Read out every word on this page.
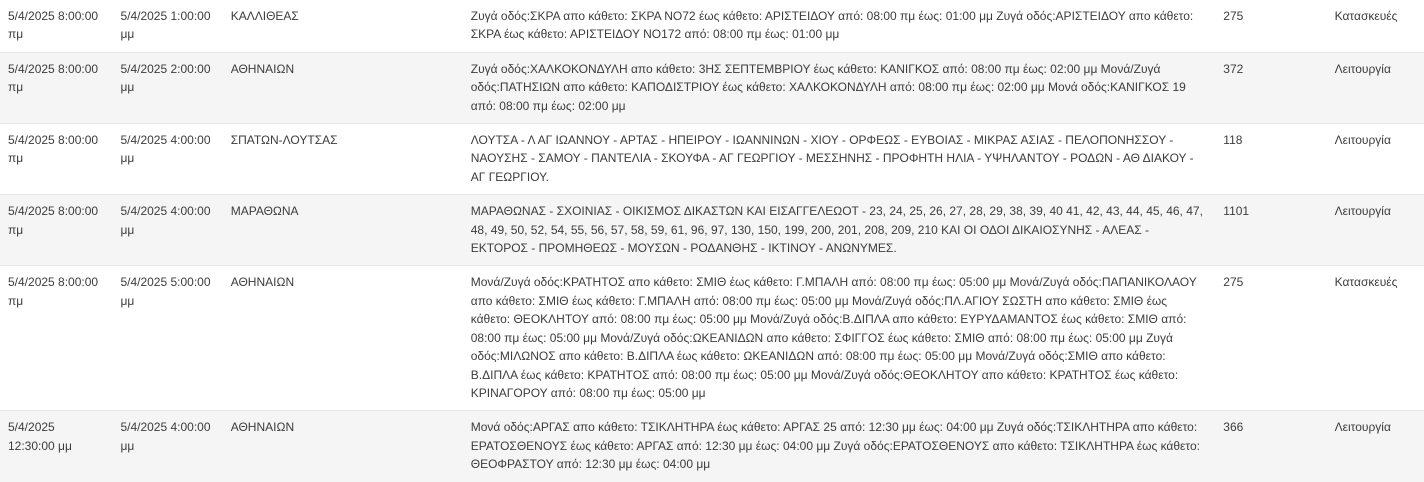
5/4/2025 8:00:00 πμ	5/4/2025 1:00:00 μμ	ΚΑΛΛΙΘΕΑΣ	Ζυγά οδός:ΣΚΡΑ απο κάθετο: ΣΚΡΑ ΝΟ72 έως κάθετο: ΑΡΙΣΤΕΙΔΟΥ από: 08:00 πμ έως: 01:00 μμ Ζυγά οδός:ΑΡΙΣΤΕΙΔΟΥ απο κάθετο: ΣΚΡΑ έως κάθετο: ΑΡΙΣΤΕΙΔΟΥ ΝΟ172 από: 08:00 πμ έως: 01:00 μμ	275	Κατασκευές
5/4/2025 8:00:00 πμ	5/4/2025 2:00:00 μμ	ΑΘΗΝΑΙΩΝ	Ζυγά οδός:ΧΑΛΚΟΚΟΝΔΥΛΗ απο κάθετο: 3ΗΣ ΣΕΠΤΕΜΒΡΙΟΥ έως κάθετο: ΚΑΝΙΓΚΟΣ από: 08:00 πμ έως: 02:00 μμ Μονά/Ζυγά οδός:ΠΑΤΗΣΙΩΝ απο κάθετο: ΚΑΠΟΔΙΣΤΡΙΟΥ έως κάθετο: ΧΑΛΚΟΚΟΝΔΥΛΗ από: 08:00 πμ έως: 02:00 μμ Μονά οδός:ΚΑΝΙΓΚΟΣ 19 από: 08:00 πμ έως: 02:00 μμ	372	Λειτουργία
5/4/2025 8:00:00 πμ	5/4/2025 4:00:00 μμ	ΣΠΑΤΩΝ-ΛΟΥΤΣΑΣ	ΛΟΥΤΣΑ - Λ ΑΓ ΙΩΑΝΝΟΥ - ΑΡΤΑΣ - ΗΠΕΙΡΟΥ - ΙΩΑΝΝΙΝΩΝ - ΧΙΟΥ - ΟΡΦΕΩΣ - ΕΥΒΟΙΑΣ - ΜΙΚΡΑΣ ΑΣΙΑΣ - ΠΕΛΟΠΟΝΗΣΣΟΥ - ΝΑΟΥΣΗΣ - ΣΑΜΟΥ - ΠΑΝΤΕΛΙΑ - ΣΚΟΥΦΑ - ΑΓ ΓΕΩΡΓΙΟΥ - ΜΕΣΣΗΝΗΣ - ΠΡΟΦΗΤΗ ΗΛΙΑ - ΥΨΗΛΑΝΤΟΥ - ΡΟΔΩΝ - ΑΘ ΔΙΑΚΟΥ - ΑΓ ΓΕΩΡΓΙΟΥ.	118	Λειτουργία
5/4/2025 8:00:00 πμ	5/4/2025 4:00:00 μμ	ΜΑΡΑΘΩΝΑ	ΜΑΡΑΘΩΝΑΣ - ΣΧΟΙΝΙΑΣ - ΟΙΚΙΣΜΟΣ ΔΙΚΑΣΤΩΝ ΚΑΙ ΕΙΣΑΓΓΕΛΕΩΟΤ - 23, 24, 25, 26, 27, 28, 29, 38, 39, 40 41, 42, 43, 44, 45, 46, 47, 48, 49, 50, 52, 54, 55, 56, 57, 58, 59, 61, 96, 97, 130, 150, 199, 200, 201, 208, 209, 210 ΚΑΙ ΟΙ ΟΔΟΙ ΔΙΚΑΙΟΣΥΝΗΣ - ΑΛΕΑΣ - ΕΚΤΟΡΟΣ - ΠΡΟΜΗΘΕΩΣ - ΜΟΥΣΩΝ - ΡΟΔΑΝΘΗΣ - ΙΚΤΙΝΟΥ - ΑΝΩΝΥΜΕΣ.	1101	Λειτουργία
5/4/2025 8:00:00 πμ	5/4/2025 5:00:00 μμ	ΑΘΗΝΑΙΩΝ	Μονά/Ζυγά οδός:ΚΡΑΤΗΤΟΣ απο κάθετο: ΣΜΙΘ έως κάθετο: Γ.ΜΠΑΛΗ από: 08:00 πμ έως: 05:00 μμ Μονά/Ζυγά οδός:ΠΑΠΑΝΙΚΟΛΑΟΥ απο κάθετο: ΣΜΙΘ έως κάθετο: Γ.ΜΠΑΛΗ από: 08:00 πμ έως: 05:00 μμ Μονά/Ζυγά οδός:ΠΛ.ΑΓΙΟΥ ΣΩΣΤΗ απο κάθετο: ΣΜΙΘ έως κάθετο: ΘΕΟΚΛΗΤΟΥ από: 08:00 πμ έως: 05:00 μμ Μονά/Ζυγά οδός:Β.ΔΙΠΛΑ απο κάθετο: ΕΥΡΥΔΑΜΑΝΤΟΣ έως κάθετο: ΣΜΙΘ από: 08:00 πμ έως: 05:00 μμ Μονά/Ζυγά οδός:ΩΚΕΑΝΙΔΩΝ απο κάθετο: ΣΦΙΓΓΟΣ έως κάθετο: ΣΜΙΘ από: 08:00 πμ έως: 05:00 μμ Ζυγά οδός:ΜΙΛΩΝΟΣ απο κάθετο: Β.ΔΙΠΛΑ έως κάθετο: ΩΚΕΑΝΙΔΩΝ από: 08:00 πμ έως: 05:00 μμ Μονά/Ζυγά οδός:ΣΜΙΘ απο κάθετο: Β.ΔΙΠΛΑ έως κάθετο: ΚΡΑΤΗΤΟΣ από: 08:00 πμ έως: 05:00 μμ Μονά/Ζυγά οδός:ΘΕΟΚΛΗΤΟΥ απο κάθετο: ΚΡΑΤΗΤΟΣ έως κάθετο: ΚΡΙΝΑΓΟΡΟΥ από: 08:00 πμ έως: 05:00 μμ	275	Κατασκευές
5/4/2025 12:30:00 μμ	5/4/2025 4:00:00 μμ	ΑΘΗΝΑΙΩΝ	Μονά οδός:ΑΡΓΑΣ απο κάθετο: ΤΣΙΚΛΗΤΗΡΑ έως κάθετο: ΑΡΓΑΣ 25 από: 12:30 μμ έως: 04:00 μμ Ζυγά οδός:ΤΣΙΚΛΗΤΗΡΑ απο κάθετο: ΕΡΑΤΟΣΘΕΝΟΥΣ έως κάθετο: ΑΡΓΑΣ από: 12:30 μμ έως: 04:00 μμ Ζυγά οδός:ΕΡΑΤΟΣΘΕΝΟΥΣ απο κάθετο: ΤΣΙΚΛΗΤΗΡΑ έως κάθετο: ΘΕΟΦΡΑΣΤΟΥ από: 12:30 μμ έως: 04:00 μμ	366	Λειτουργία
